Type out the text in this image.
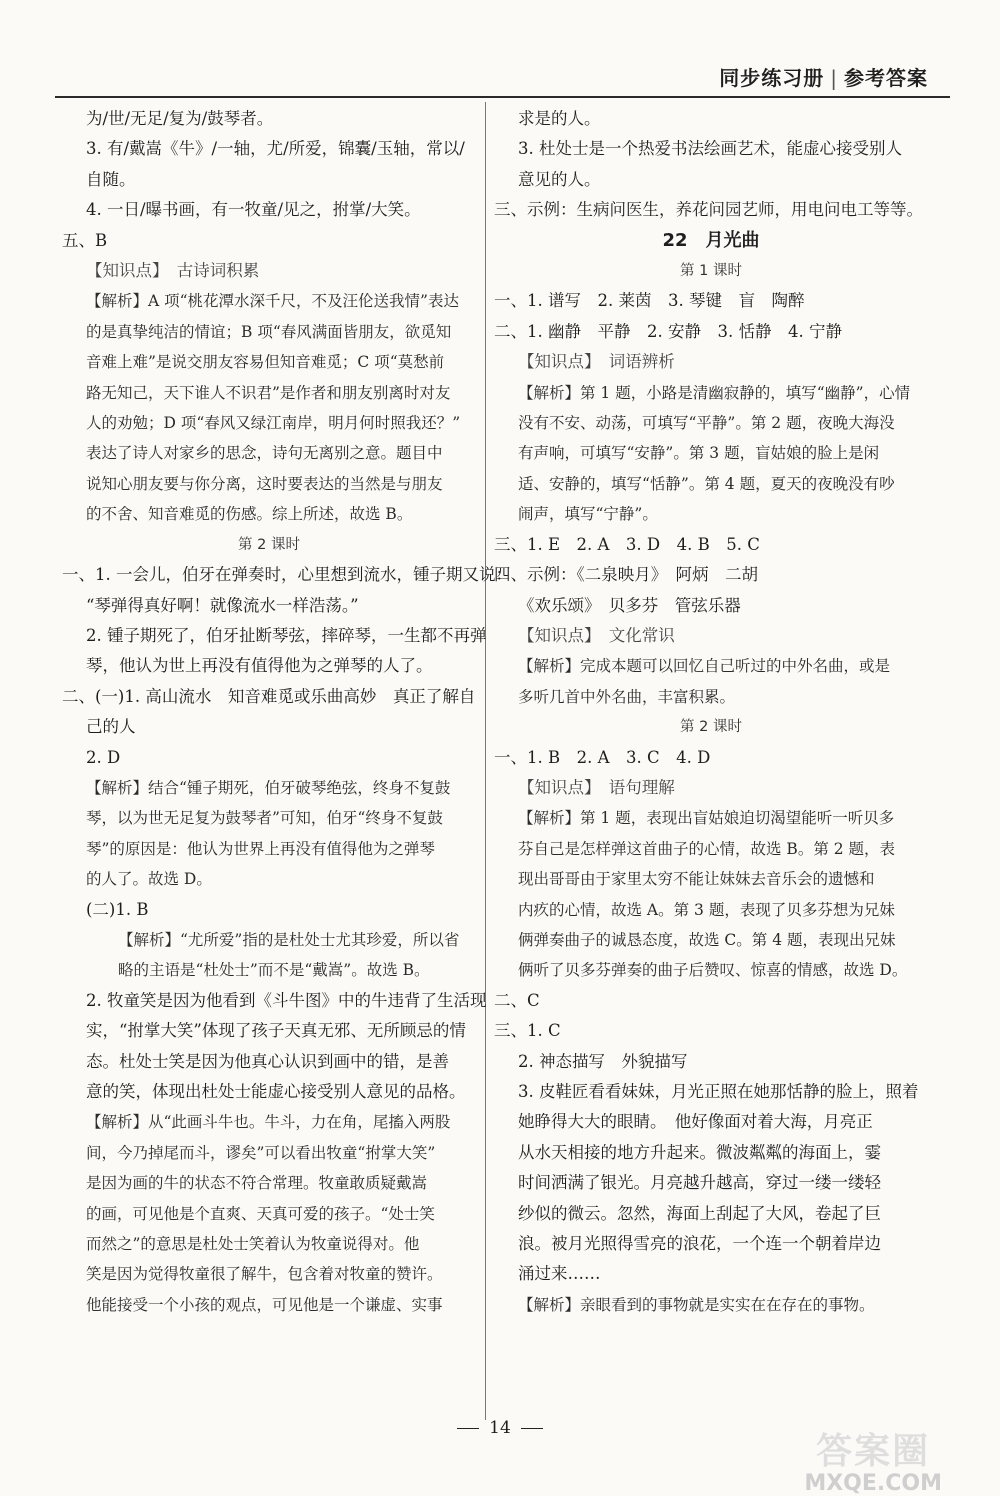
同步练习册 | 参考答案
为/世/无足/复为/鼓琴者。
3. 有/戴嵩《牛》/一轴，尤/所爱，锦囊/玉轴，常以/
自随。
4. 一日/曝书画，有一牧童/见之，拊掌/大笑。
五、B
【知识点】　古诗词积累
【解析】A 项“桃花潭水深千尺，不及汪伦送我情”表达
的是真挚纯洁的情谊；B 项“春风满面皆朋友，欲觅知
音难上难”是说交朋友容易但知音难觅；C 项“莫愁前
路无知己，天下谁人不识君”是作者和朋友别离时对友
人的劝勉；D 项“春风又绿江南岸，明月何时照我还？”
表达了诗人对家乡的思念，诗句无离别之意。题目中
说知心朋友要与你分离，这时要表达的当然是与朋友
的不舍、知音难觅的伤感。综上所述，故选 B。
第 2 课时
一、1. 一会儿，伯牙在弹奏时，心里想到流水，锺子期又说：
“琴弹得真好啊！就像流水一样浩荡。”
2. 锺子期死了，伯牙扯断琴弦，摔碎琴，一生都不再弹
琴，他认为世上再没有值得他为之弹琴的人了。
二、(一)1. 高山流水　知音难觅或乐曲高妙　真正了解自
己的人
2. D
【解析】结合“锺子期死，伯牙破琴绝弦，终身不复鼓
琴，以为世无足复为鼓琴者”可知，伯牙“终身不复鼓
琴”的原因是：他认为世界上再没有值得他为之弹琴
的人了。故选 D。
(二)1. B
【解析】“尤所爱”指的是杜处士尤其珍爱，所以省
略的主语是“杜处士”而不是“戴嵩”。故选 B。
2. 牧童笑是因为他看到《斗牛图》中的牛违背了生活现
实，“拊掌大笑”体现了孩子天真无邪、无所顾忌的情
态。杜处士笑是因为他真心认识到画中的错，是善
意的笑，体现出杜处士能虚心接受别人意见的品格。
【解析】从“此画斗牛也。牛斗，力在角，尾搐入两股
间，今乃掉尾而斗，谬矣”可以看出牧童“拊掌大笑”
是因为画的牛的状态不符合常理。牧童敢质疑戴嵩
的画，可见他是个直爽、天真可爱的孩子。“处士笑
而然之”的意思是杜处士笑着认为牧童说得对。他
笑是因为觉得牧童很了解牛，包含着对牧童的赞许。
他能接受一个小孩的观点，可见他是一个谦虚、实事
求是的人。
3. 杜处士是一个热爱书法绘画艺术，能虚心接受别人
意见的人。
三、示例：生病问医生，养花问园艺师，用电问电工等等。
22　月光曲
第 1 课时
一、1. 谱写　2. 莱茵　3. 琴键　盲　陶醉
二、1. 幽静　平静　2. 安静　3. 恬静　4. 宁静
【知识点】　词语辨析
【解析】第 1 题，小路是清幽寂静的，填写“幽静”，心情
没有不安、动荡，可填写“平静”。第 2 题，夜晚大海没
有声响，可填写“安静”。第 3 题，盲姑娘的脸上是闲
适、安静的，填写“恬静”。第 4 题，夏天的夜晚没有吵
闹声，填写“宁静”。
三、1. E　2. A　3. D　4. B　5. C
四、示例：《二泉映月》　阿炳　二胡
《欢乐颂》　贝多芬　管弦乐器
【知识点】　文化常识
【解析】完成本题可以回忆自己听过的中外名曲，或是
多听几首中外名曲，丰富积累。
第 2 课时
一、1. B　2. A　3. C　4. D
【知识点】　语句理解
【解析】第 1 题，表现出盲姑娘迫切渴望能听一听贝多
芬自己是怎样弹这首曲子的心情，故选 B。第 2 题，表
现出哥哥由于家里太穷不能让妹妹去音乐会的遗憾和
内疚的心情，故选 A。第 3 题，表现了贝多芬想为兄妹
俩弹奏曲子的诚恳态度，故选 C。第 4 题，表现出兄妹
俩听了贝多芬弹奏的曲子后赞叹、惊喜的情感，故选 D。
二、C
三、1. C
2. 神态描写　外貌描写
3. 皮鞋匠看看妹妹，月光正照在她那恬静的脸上，照着
她睁得大大的眼睛。　他好像面对着大海，月亮正
从水天相接的地方升起来。微波粼粼的海面上，霎
时间洒满了银光。月亮越升越高，穿过一缕一缕轻
纱似的微云。忽然，海面上刮起了大风，卷起了巨
浪。被月光照得雪亮的浪花，一个连一个朝着岸边
涌过来……
【解析】亲眼看到的事物就是实实在在存在的事物。
14
答案圈
MXQE.COM
